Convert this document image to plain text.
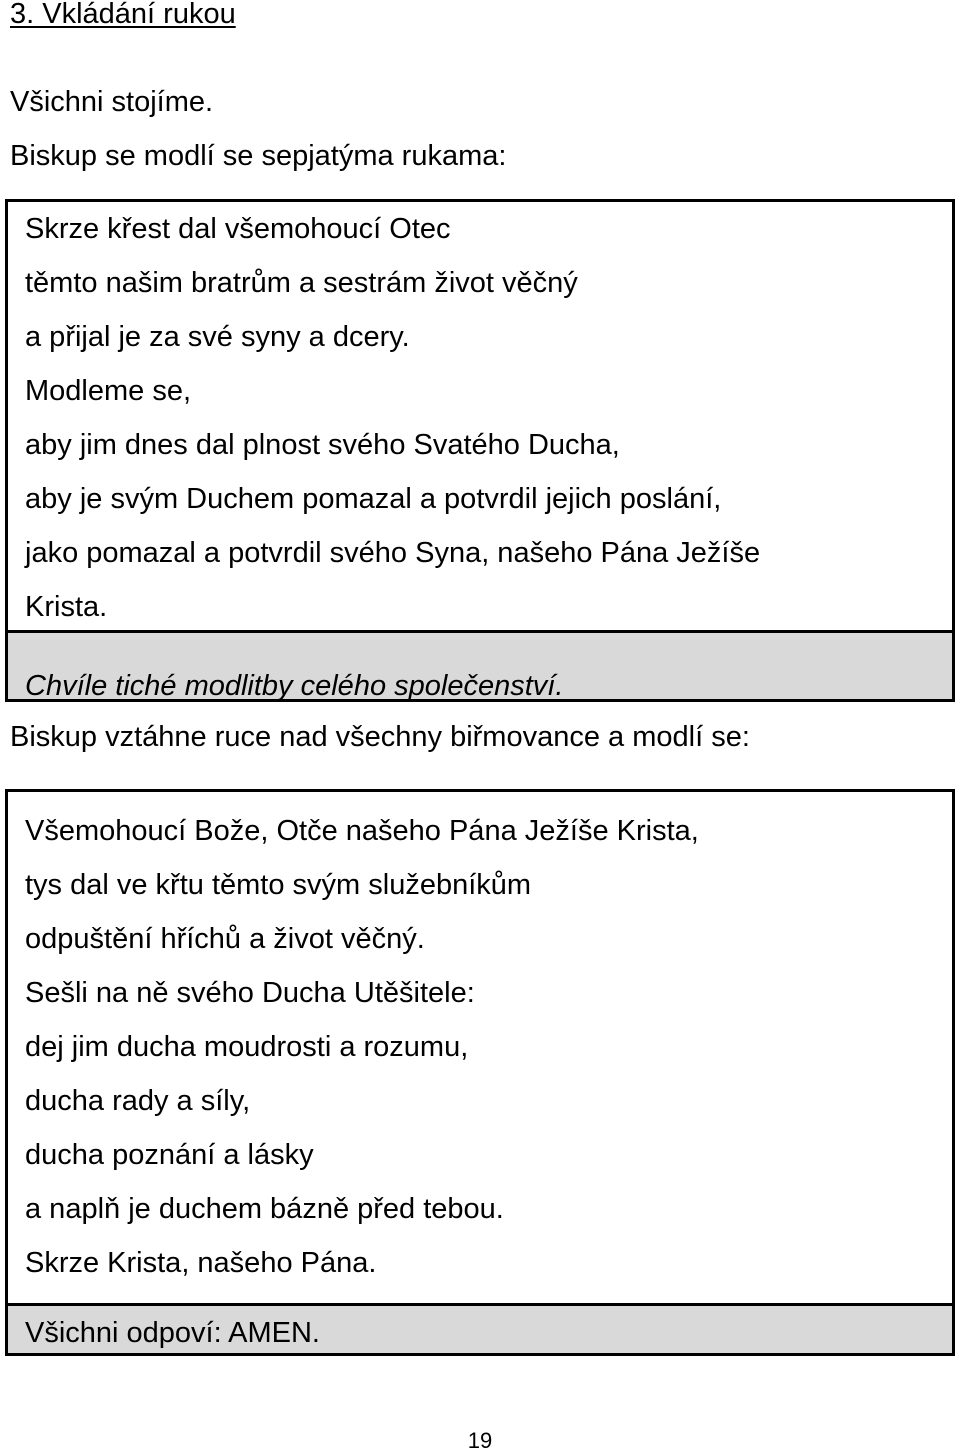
3. Vkládání rukou
Všichni stojíme.
Biskup se modlí se sepjatýma rukama:
Skrze křest dal všemohoucí Otec
těmto našim bratrům a sestrám život věčný
a přijal je za své syny a dcery.
Modleme se,
aby jim dnes dal plnost svého Svatého Ducha,
aby je svým Duchem pomazal a potvrdil jejich poslání,
jako pomazal a potvrdil svého Syna, našeho Pána Ježíše
Krista.
Chvíle tiché modlitby celého společenství.
Biskup vztáhne ruce nad všechny biřmovance a modlí se:
Všemohoucí Bože, Otče našeho Pána Ježíše Krista,
tys dal ve křtu těmto svým služebníkům
odpuštění hříchů a život věčný.
Sešli na ně svého Ducha Utěšitele:
dej jim ducha moudrosti a rozumu,
ducha rady a síly,
ducha poznání a lásky
a naplň je duchem bázně před tebou.
Skrze Krista, našeho Pána.
Všichni odpoví: AMEN.
19
